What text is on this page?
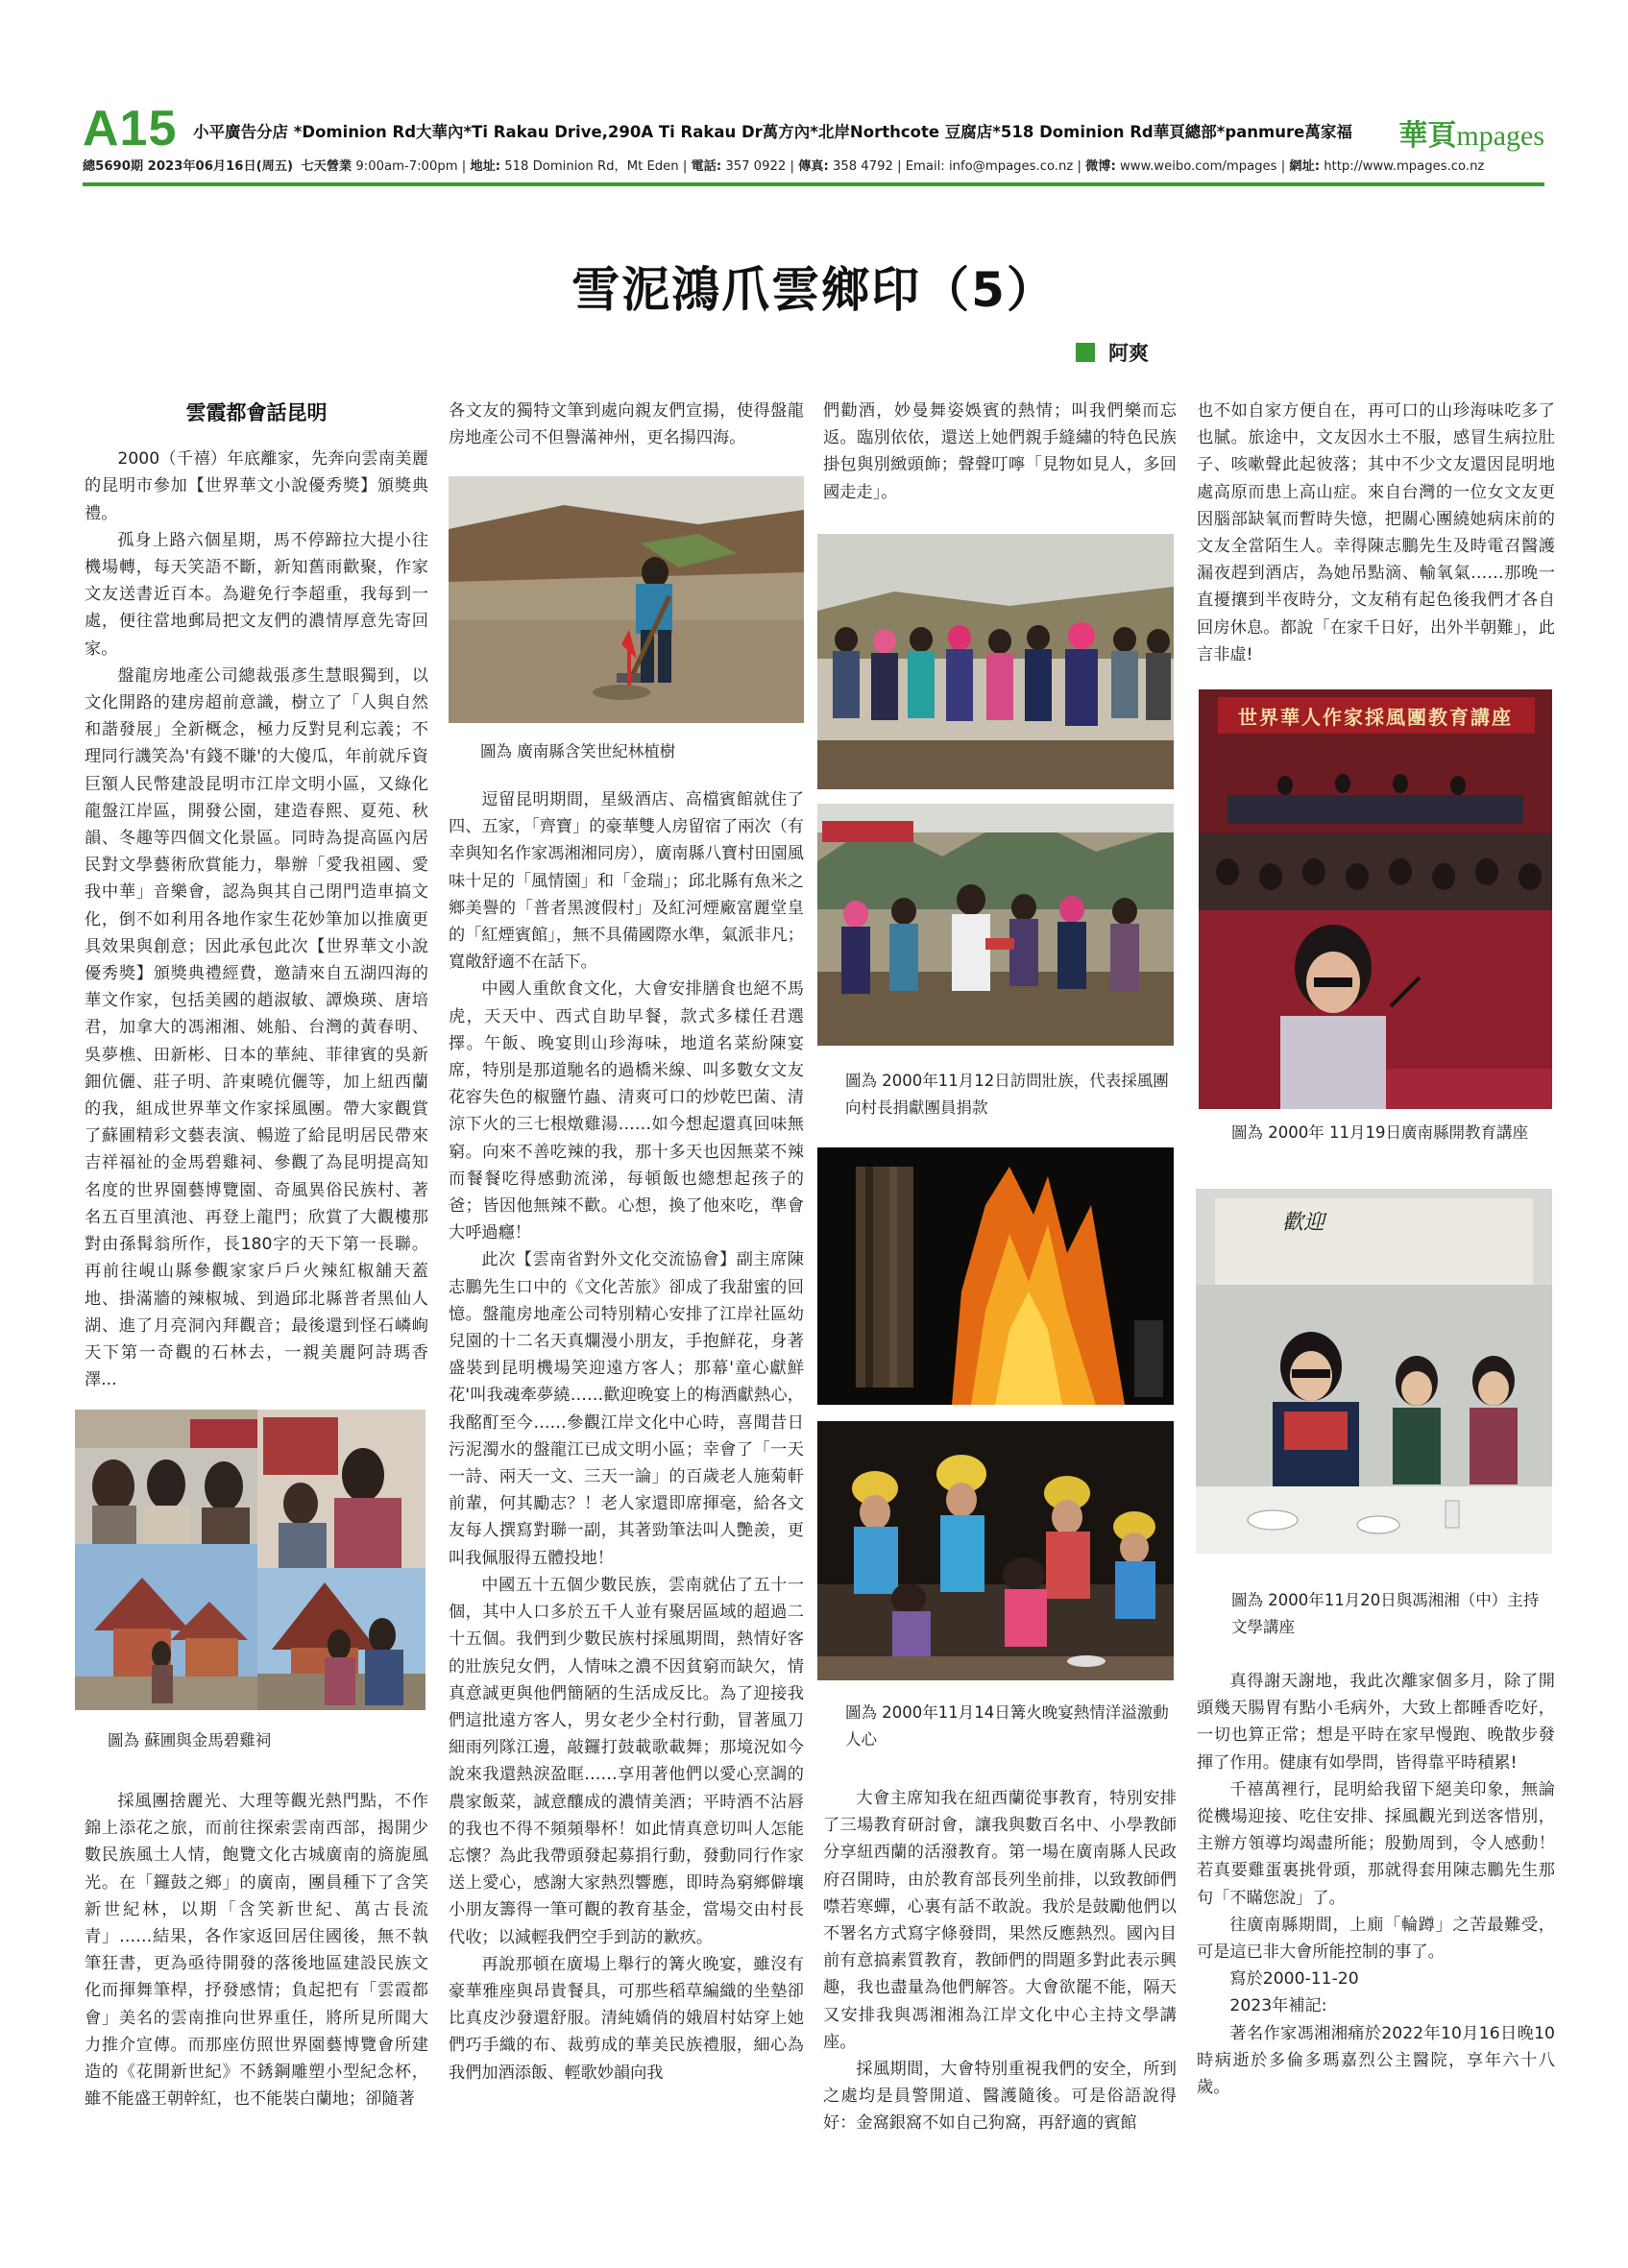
A15 小平廣告分店 *Dominion Rd大華內*Ti Rakau Drive,290A Ti Rakau Dr萬方內*北岸Northcote 豆腐店*518 Dominion Rd華頁總部*panmure萬家福 華頁mpages
總5690期 2023年06月16日(周五) 七天營業 9:00am-7:00pm | 地址: 518 Dominion Rd，Mt Eden | 電話: 357 0922 | 傳真: 358 4792 | Email: info@mpages.co.nz | 微博: www.weibo.com/mpages | 網址: http://www.mpages.co.nz
雪泥鴻爪雲鄉印（5）
阿爽
雲霞都會話昆明

2000（千禧）年底離家，先奔向雲南美麗的昆明市參加【世界華文小說優秀獎】頒獎典禮。

孤身上路六個星期，馬不停蹄拉大提小往機場轉，每天笑語不斷，新知舊雨歡聚，作家文友送書近百本。為避免行李超重，我每到一處，便往當地郵局把文友們的濃情厚意先寄回家。

盤龍房地產公司總裁張彥生慧眼獨到，以文化開路的建房超前意識，樹立了「人與自然和諧發展」全新概念，極力反對見利忘義；不理同行譏笑為'有錢不賺'的大傻瓜，年前就斥資巨額人民幣建設昆明市江岸文明小區，又綠化龍盤江岸區，開發公園，建造春熙、夏苑、秋韻、冬趣等四個文化景區。同時為提高區內居民對文學藝術欣賞能力，舉辦「愛我祖國、愛我中華」音樂會，認為與其自己閉門造車搞文化，倒不如利用各地作家生花妙筆加以推廣更具效果與創意；因此承包此次【世界華文小說優秀獎】頒獎典禮經費，邀請來自五湖四海的華文作家，包括美國的趙淑敏、譚煥瑛、唐培君，加拿大的馮湘湘、姚船、台灣的黃春明、吳夢樵、田新彬、日本的華純、菲律賓的吳新鈿伉儷、莊子明、許東曉伉儷等，加上紐西蘭的我，組成世界華文作家採風團。帶大家觀賞了蘇圃精彩文藝表演、暢遊了給昆明居民帶來吉祥福祉的金馬碧雞祠、參觀了為昆明提高知名度的世界園藝博覽園、奇風異俗民族村、著名五百里滇池、再登上龍門；欣賞了大觀樓那對由孫髯翁所作，長180字的天下第一長聯。再前往峴山縣參觀家家戶戶火辣紅椒舖天蓋地、掛滿牆的辣椒城、到過邱北縣普者黑仙人湖、進了月亮洞內拜觀音；最後還到怪石嶙峋天下第一奇觀的石林去，一親美麗阿詩瑪香澤...

圖為 蘇圃與金馬碧雞祠

採風團捨麗光、大理等觀光熱門點，不作錦上添花之旅，而前往探索雲南西部，揭開少數民族風土人情，飽覽文化古城廣南的旖旎風光。在「鑼鼓之鄉」的廣南，團員種下了含笑新世紀林，以期「含笑新世紀、萬古長流青」……結果，各作家返回居住國後，無不執筆狂書，更為亟待開發的落後地區建設民族文化而揮舞筆桿，抒發感情；負起把有「雲霞都會」美名的雲南推向世界重任，將所見所聞大力推介宣傳。而那座仿照世界園藝博覽會所建造的《花開新世紀》不銹鋼雕塑小型紀念杯，雖不能盛王朝幹紅，也不能裝白蘭地；卻隨著

各文友的獨特文筆到處向親友們宣揚，使得盤龍房地產公司不但譽滿神州，更名揚四海。

圖為 廣南縣含笑世紀林植樹

逗留昆明期間，星級酒店、高檔賓館就住了四、五家，「齊寶」的豪華雙人房留宿了兩次（有幸與知名作家馮湘湘同房），廣南縣八寶村田園風味十足的「風情園」和「金瑞」；邱北縣有魚米之鄉美譽的「普者黑渡假村」及紅河煙廠富麗堂皇的「紅煙賓館」，無不具備國際水準，氣派非凡；寬敞舒適不在話下。

中國人重飲食文化，大會安排膳食也絕不馬虎，天天中、西式自助早餐，款式多樣任君選擇。午飯、晚宴則山珍海味，地道名菜紛陳宴席，特別是那道馳名的過橋米線、叫多數女文友花容失色的椒鹽竹蟲、清爽可口的炒乾巴菌、清涼下火的三七根燉雞湯……如今想起還真回味無窮。向來不善吃辣的我，那十多天也因無菜不辣而餐餐吃得感動流涕，每頓飯也總想起孩子的爸；皆因他無辣不歡。心想，換了他來吃，準會大呼過癮！

此次【雲南省對外文化交流協會】副主席陳志鵬先生口中的《文化苦旅》卻成了我甜蜜的回憶。盤龍房地產公司特別精心安排了江岸社區幼兒園的十二名天真爛漫小朋友，手抱鮮花，身著盛裝到昆明機場笑迎遠方客人；那幕'童心獻鮮花'叫我魂牽夢繞……歡迎晚宴上的梅酒獻熱心，我酩酊至今……參觀江岸文化中心時，喜聞昔日污泥濁水的盤龍江已成文明小區；幸會了「一天一詩、兩天一文、三天一論」的百歲老人施菊軒前輩，何其勵志？！老人家還即席揮毫，給各文友每人撰寫對聯一副，其著勁筆法叫人艷羨，更叫我佩服得五體投地！

中國五十五個少數民族，雲南就佔了五十一個，其中人口多於五千人並有聚居區域的超過二十五個。我們到少數民族村採風期間，熱情好客的壯族兒女們，人情味之濃不因貧窮而缺欠，情真意誠更與他們簡陋的生活成反比。為了迎接我們這批遠方客人，男女老少全村行動，冒著風刀細雨列隊江邊，敲鑼打鼓載歌載舞；那境況如今說來我還熱淚盈眶……享用著他們以愛心烹調的農家飯菜，誠意釀成的濃情美酒；平時酒不沾唇的我也不得不頻頻舉杯！如此情真意切叫人怎能忘懷？為此我帶頭發起募捐行動，發動同行作家送上愛心，感謝大家熱烈響應，即時為窮鄉僻壤小朋友籌得一筆可觀的教育基金，當場交由村長代收；以減輕我們空手到訪的歉疚。

再說那頓在廣場上舉行的篝火晚宴，雖沒有豪華雅座與昂貴餐具，可那些稻草編織的坐墊卻比真皮沙發還舒服。清純嬌俏的娥眉村姑穿上她們巧手織的布、裁剪成的華美民族禮服，細心為我們加酒添飯、輕歌妙韻向我

們勸酒，妙曼舞姿娛賓的熱情；叫我們樂而忘返。臨別依依，還送上她們親手縫繡的特色民族掛包與別緻頭飾；聲聲叮嚀「見物如見人，多回國走走」。

圖為 2000年11月12日訪問壯族，代表採風團向村長捐獻團員捐款
圖為 2000年11月14日篝火晚宴熱情洋溢激動人心

大會主席知我在紐西蘭從事教育，特別安排了三場教育研討會，讓我與數百名中、小學教師分享紐西蘭的活潑教育。第一場在廣南縣人民政府召開時，由於教育部長列坐前排，以致教師們噤若寒蟬，心裏有話不敢說。我於是鼓勵他們以不署名方式寫字條發問，果然反應熱烈。國內目前有意搞素質教育，教師們的問題多對此表示興趣，我也盡量為他們解答。大會欲罷不能，隔天又安排我與馮湘湘為江岸文化中心主持文學講座。

採風期間，大會特別重視我們的安全，所到之處均是員警開道、醫護隨後。可是俗語說得好：金窩銀窩不如自己狗窩，再舒適的賓館

也不如自家方便自在，再可口的山珍海味吃多了也膩。旅途中，文友因水土不服，感冒生病拉肚子、咳嗽聲此起彼落；其中不少文友還因昆明地處高原而患上高山症。來自台灣的一位女文友更因腦部缺氧而暫時失憶，把關心團繞她病床前的文友全當陌生人。幸得陳志鵬先生及時電召醫護漏夜趕到酒店，為她吊點滴、輸氧氣……那晚一直擾攘到半夜時分，文友稍有起色後我們才各自回房休息。都說「在家千日好，出外半朝難」，此言非虛!

世界華人作家採風團教育講座
圖為 2000年 11月19日廣南縣開教育講座
歡迎
圖為 2000年11月20日與馮湘湘（中）主持文學講座

真得謝天謝地，我此次離家個多月，除了開頭幾天腸胃有點小毛病外，大致上都睡香吃好，一切也算正常；想是平時在家早慢跑、晚散步發揮了作用。健康有如學問，皆得靠平時積累!

千禧萬裡行，昆明給我留下絕美印象，無論從機場迎接、吃住安排、採風觀光到送客惜別，主辦方領導均竭盡所能；殷勤周到，令人感動！若真要雞蛋裏挑骨頭，那就得套用陳志鵬先生那句「不瞞您說」了。

往廣南縣期間，上廁「輪蹲」之苦最難受，可是這已非大會所能控制的事了。

寫於2000-11-20

2023年補記:

著名作家馮湘湘痛於2022年10月16日晚10時病逝於多倫多瑪嘉烈公主醫院，享年六十八歲。
